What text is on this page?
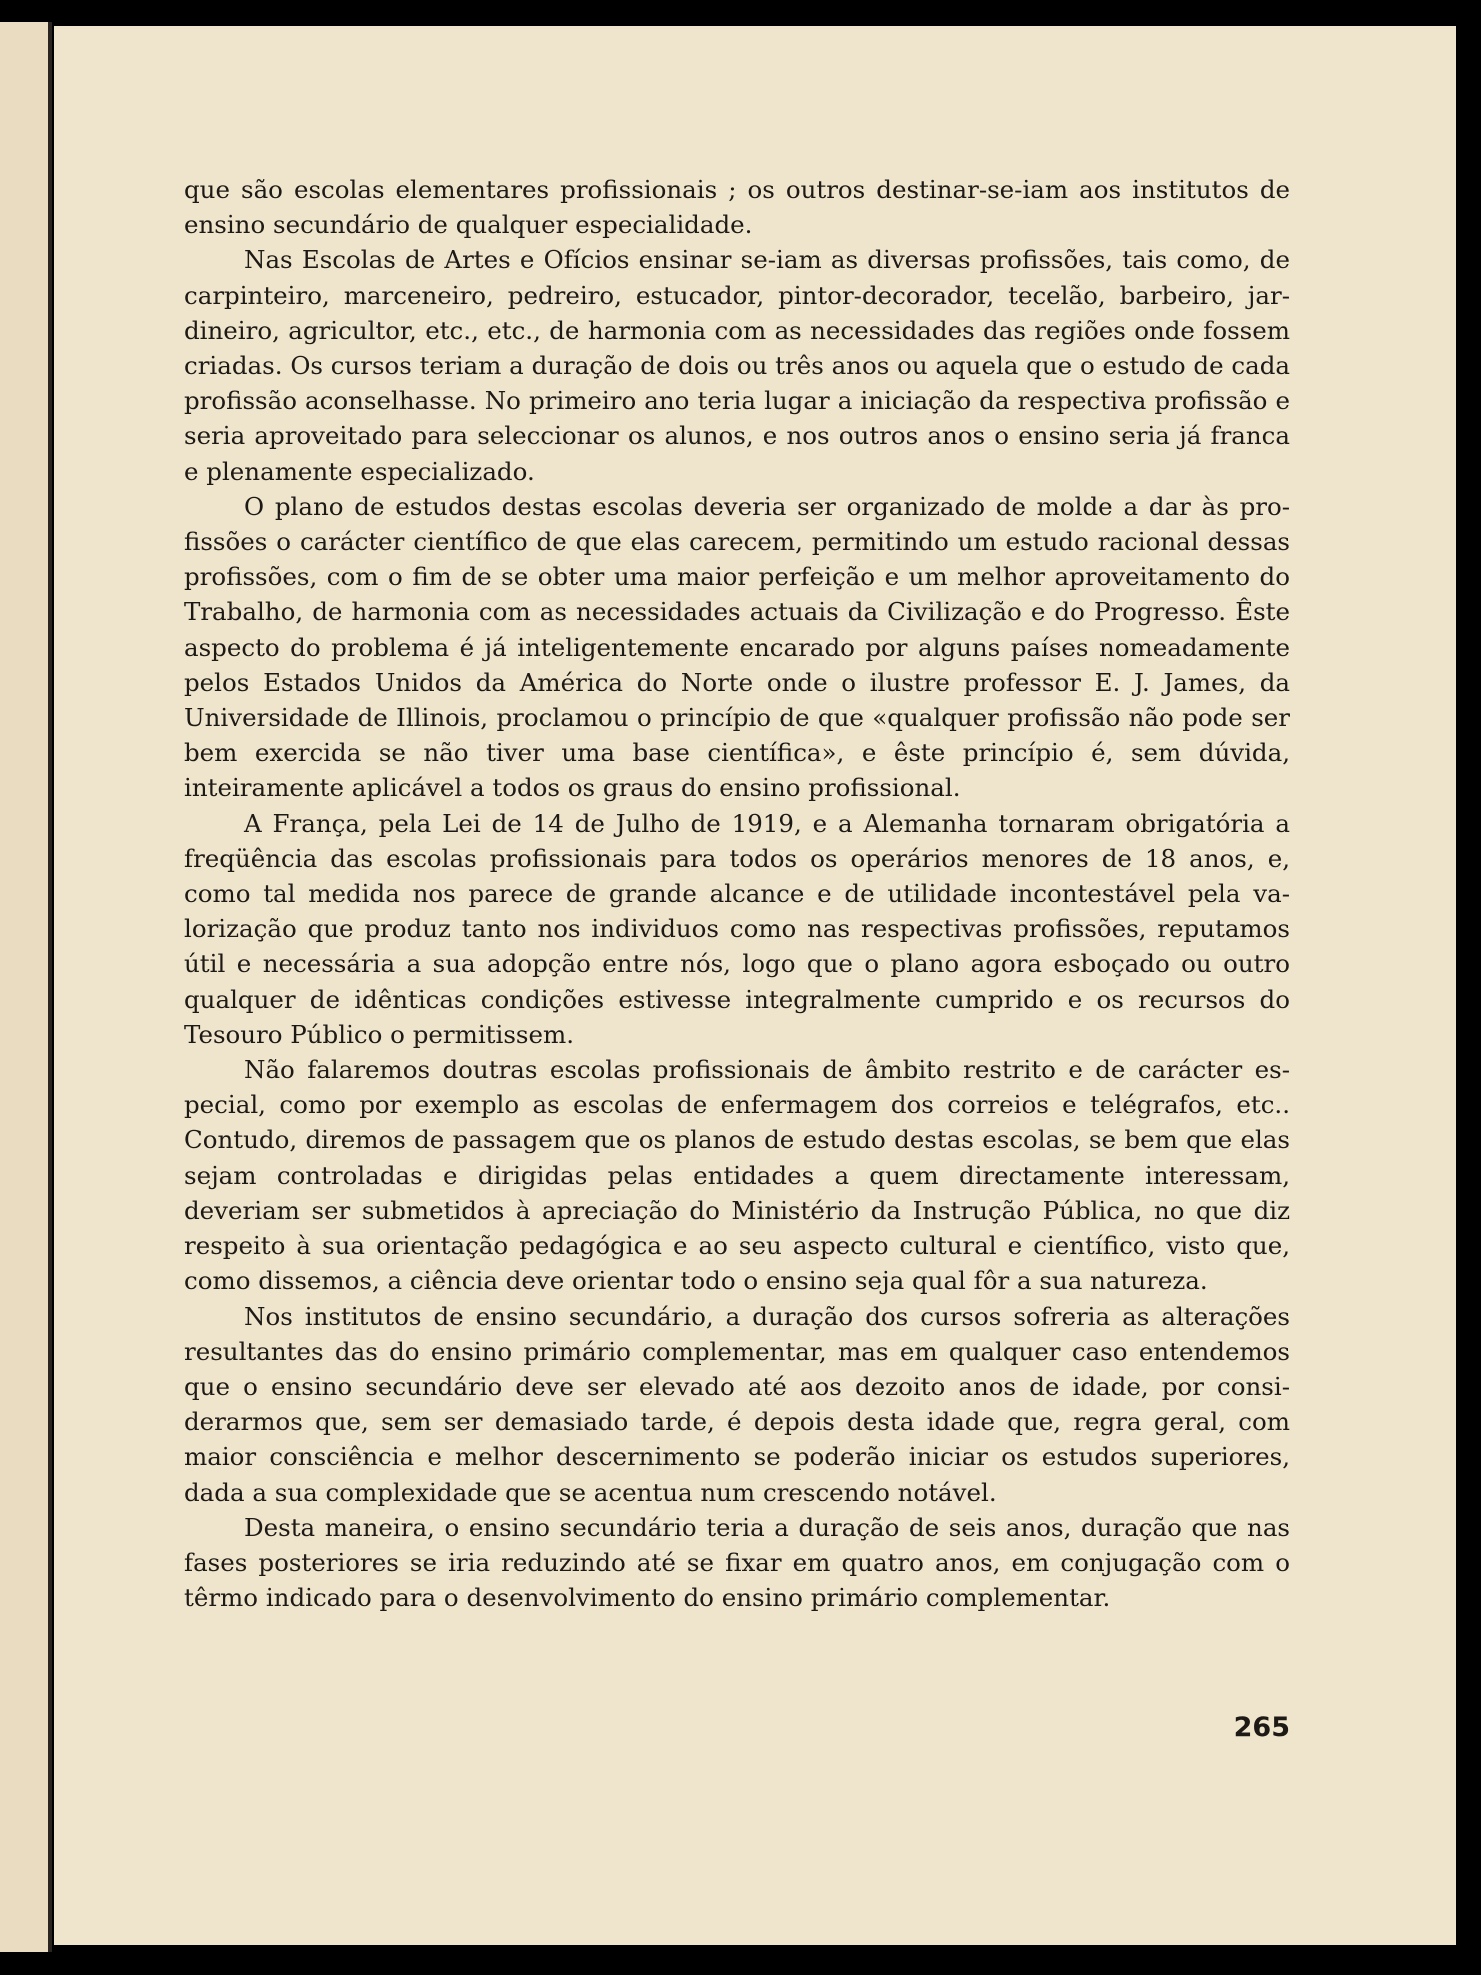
que são escolas elementares profissionais ; os outros destinar-se-iam aos institutos de ensino secundário de qualquer especialidade.

Nas Escolas de Artes e Ofícios ensinar se-iam as diversas profissões, tais como, de carpinteiro, marceneiro, pedreiro, estucador, pintor-decorador, tecelão, barbeiro, jardineiro, agricultor, etc., etc., de harmonia com as necessidades das regiões onde fossem criadas. Os cursos teriam a duração de dois ou três anos ou aquela que o estudo de cada profissão aconselhasse. No primeiro ano teria lugar a iniciação da respectiva profissão e seria aproveitado para seleccionar os alunos, e nos outros anos o ensino seria já franca e plenamente especializado.

O plano de estudos destas escolas deveria ser organizado de molde a dar às profissões o carácter científico de que elas carecem, permitindo um estudo racional dessas profissões, com o fim de se obter uma maior perfeição e um melhor aproveitamento do Trabalho, de harmonia com as necessidades actuais da Civilização e do Progresso. Êste aspecto do problema é já inteligentemente encarado por alguns países nomeadamente pelos Estados Unidos da América do Norte onde o ilustre professor E. J. James, da Universidade de Illinois, proclamou o princípio de que «qualquer profissão não pode ser bem exercida se não tiver uma base científica», e êste princípio é, sem dúvida, inteiramente aplicável a todos os graus do ensino profissional.

A França, pela Lei de 14 de Julho de 1919, e a Alemanha tornaram obrigatória a freqüência das escolas profissionais para todos os operários menores de 18 anos, e, como tal medida nos parece de grande alcance e de utilidade incontestável pela valorização que produz tanto nos individuos como nas respectivas profissões, reputamos útil e necessária a sua adopção entre nós, logo que o plano agora esboçado ou outro qualquer de idênticas condições estivesse integralmente cumprido e os recursos do Tesouro Público o permitissem.

Não falaremos doutras escolas profissionais de âmbito restrito e de carácter especial, como por exemplo as escolas de enfermagem dos correios e telégrafos, etc.. Contudo, diremos de passagem que os planos de estudo destas escolas, se bem que elas sejam controladas e dirigidas pelas entidades a quem directamente interessam, deveriam ser submetidos à apreciação do Ministério da Instrução Pública, no que diz respeito à sua orientação pedagógica e ao seu aspecto cultural e científico, visto que, como dissemos, a ciência deve orientar todo o ensino seja qual fôr a sua natureza.

Nos institutos de ensino secundário, a duração dos cursos sofreria as alterações resultantes das do ensino primário complementar, mas em qualquer caso entendemos que o ensino secundário deve ser elevado até aos dezoito anos de idade, por considerarmos que, sem ser demasiado tarde, é depois desta idade que, regra geral, com maior consciência e melhor descernimento se poderão iniciar os estudos superiores, dada a sua complexidade que se acentua num crescendo notável.

Desta maneira, o ensino secundário teria a duração de seis anos, duração que nas fases posteriores se iria reduzindo até se fixar em quatro anos, em conjugação com o têrmo indicado para o desenvolvimento do ensino primário complementar.

265
